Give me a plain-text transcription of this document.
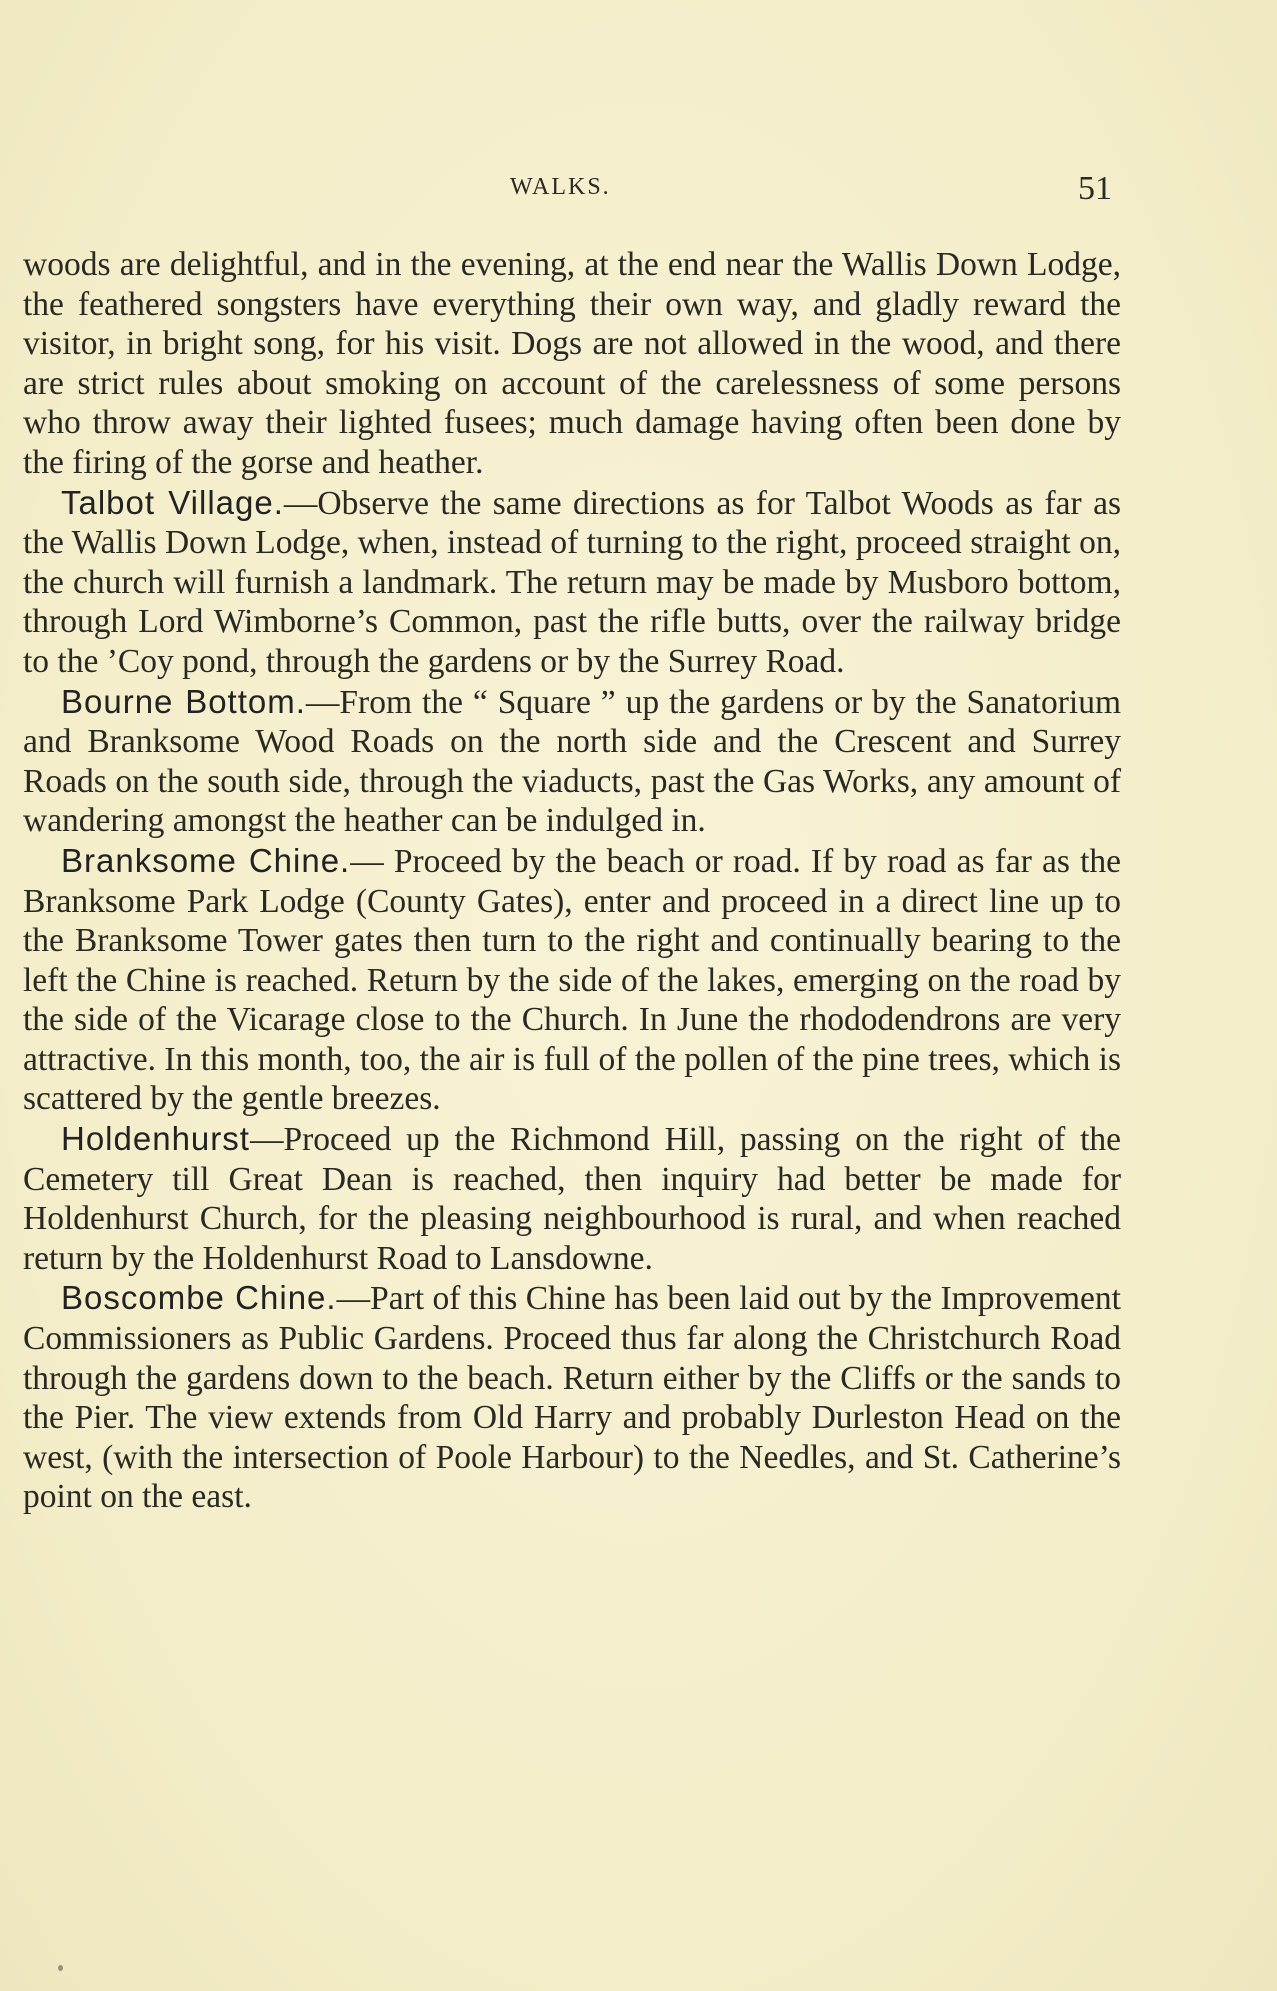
WALKS.	51

woods are delightful, and in the evening, at the end near the Wallis Down Lodge, the feathered songsters have everything their own way, and gladly reward the visitor, in bright song, for his visit. Dogs are not allowed in the wood, and there are strict rules about smoking on account of the carelessness of some persons who throw away their lighted fusees; much damage having often been done by the firing of the gorse and heather.

Talbot Village.—Observe the same directions as for Talbot Woods as far as the Wallis Down Lodge, when, instead of turning to the right, proceed straight on, the church will furnish a landmark. The return may be made by Musboro bottom, through Lord Wimborne’s Common, past the rifle butts, over the railway bridge to the ’Coy pond, through the gardens or by the Surrey Road.

Bourne Bottom.—From the “ Square ” up the gardens or by the Sanatorium and Branksome Wood Roads on the north side and the Crescent and Surrey Roads on the south side, through the viaducts, past the Gas Works, any amount of wandering amongst the heather can be indulged in.

Branksome Chine.— Proceed by the beach or road. If by road as far as the Branksome Park Lodge (County Gates), enter and proceed in a direct line up to the Branksome Tower gates then turn to the right and continually bearing to the left the Chine is reached. Return by the side of the lakes, emerging on the road by the side of the Vicarage close to the Church. In June the rhododendrons are very attractive. In this month, too, the air is full of the pollen of the pine trees, which is scattered by the gentle breezes.

Holdenhurst—Proceed up the Richmond Hill, passing on the right of the Cemetery till Great Dean is reached, then inquiry had better be made for Holdenhurst Church, for the pleasing neighbourhood is rural, and when reached return by the Holdenhurst Road to Lansdowne.

Boscombe Chine.—Part of this Chine has been laid out by the Improvement Commissioners as Public Gardens. Proceed thus far along the Christchurch Road through the gardens down to the beach. Return either by the Cliffs or the sands to the Pier. The view extends from Old Harry and probably Durleston Head on the west, (with the intersection of Poole Harbour) to the Needles, and St. Catherine’s point on the east.
